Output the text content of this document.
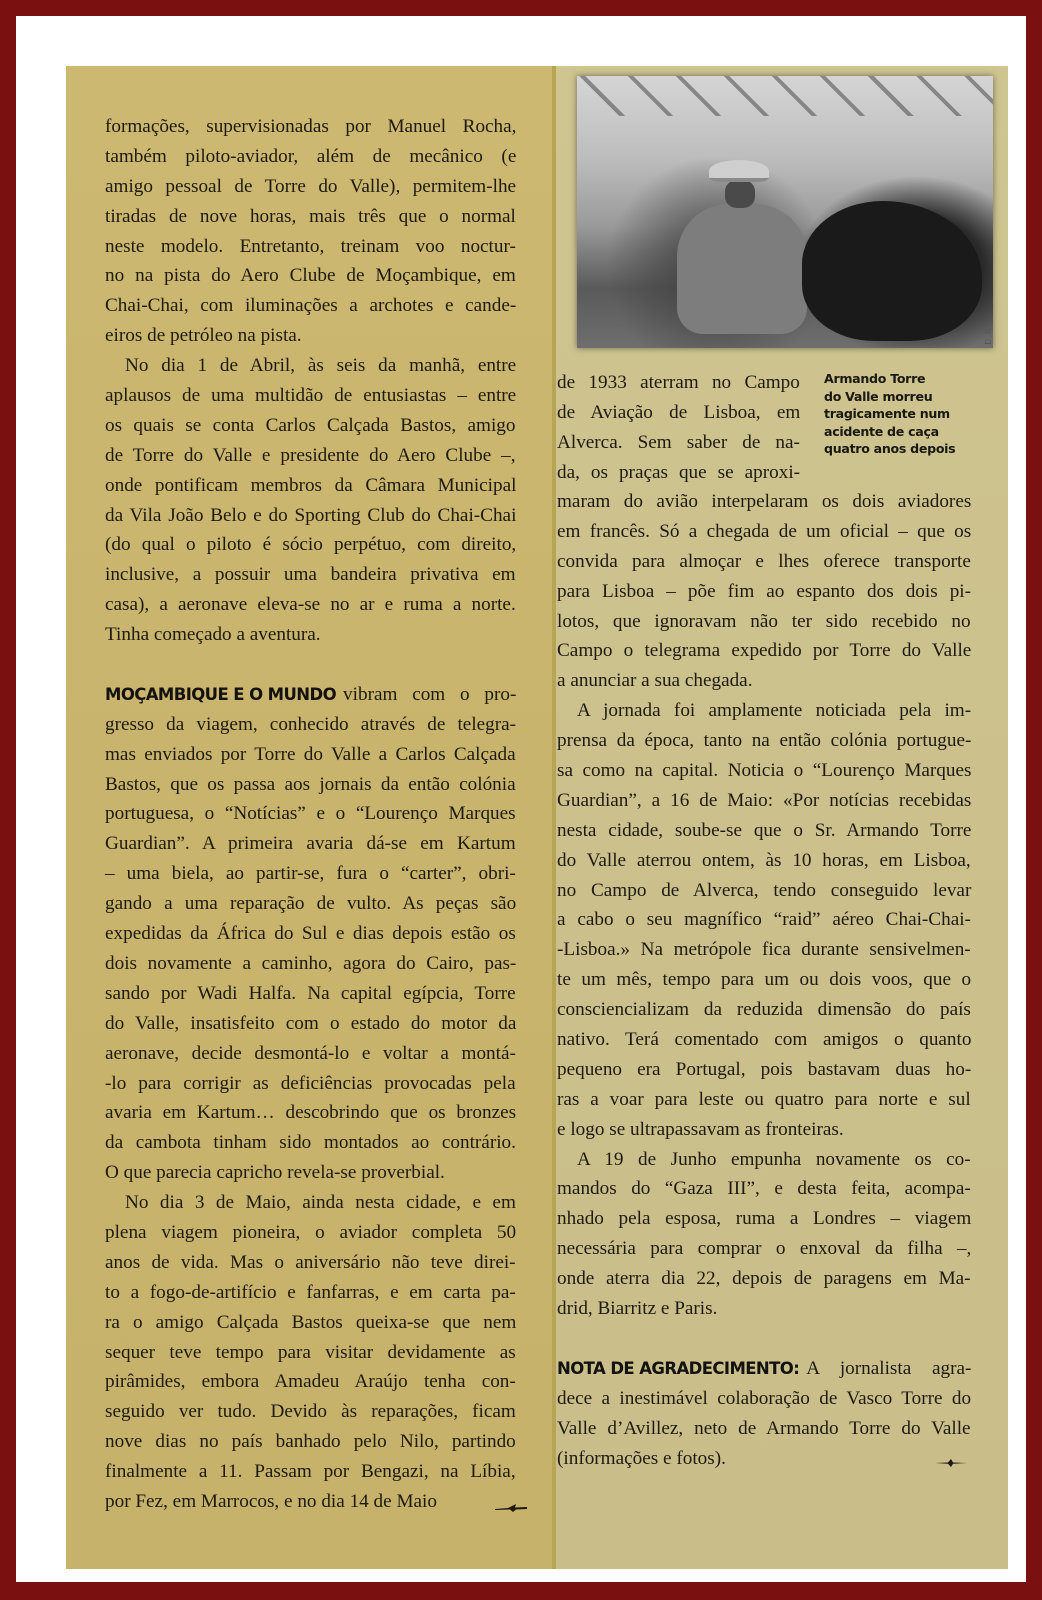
formações, supervisionadas por Manuel Rocha,
também piloto-aviador, além de mecânico (e
amigo pessoal de Torre do Valle), permitem-lhe
tiradas de nove horas, mais três que o normal
neste modelo. Entretanto, treinam voo noctur-
no na pista do Aero Clube de Moçambique, em
Chai-Chai, com iluminações a archotes e cande-
eiros de petróleo na pista.
No dia 1 de Abril, às seis da manhã, entre
aplausos de uma multidão de entusiastas – entre
os quais se conta Carlos Calçada Bastos, amigo
de Torre do Valle e presidente do Aero Clube –,
onde pontificam membros da Câmara Municipal
da Vila João Belo e do Sporting Club do Chai-Chai
(do qual o piloto é sócio perpétuo, com direito,
inclusive, a possuir uma bandeira privativa em
casa), a aeronave eleva-se no ar e ruma a norte.
Tinha começado a aventura.
MOÇAMBIQUE E O MUNDO vibram com o pro-
gresso da viagem, conhecido através de telegra-
mas enviados por Torre do Valle a Carlos Calçada
Bastos, que os passa aos jornais da então colónia
portuguesa, o “Notícias” e o “Lourenço Marques
Guardian”. A primeira avaria dá-se em Kartum
– uma biela, ao partir-se, fura o “carter”, obri-
gando a uma reparação de vulto. As peças são
expedidas da África do Sul e dias depois estão os
dois novamente a caminho, agora do Cairo, pas-
sando por Wadi Halfa. Na capital egípcia, Torre
do Valle, insatisfeito com o estado do motor da
aeronave, decide desmontá-lo e voltar a montá-
-lo para corrigir as deficiências provocadas pela
avaria em Kartum… descobrindo que os bronzes
da cambota tinham sido montados ao contrário.
O que parecia capricho revela-se proverbial.
No dia 3 de Maio, ainda nesta cidade, e em
plena viagem pioneira, o aviador completa 50
anos de vida. Mas o aniversário não teve direi-
to a fogo-de-artifício e fanfarras, e em carta pa-
ra o amigo Calçada Bastos queixa-se que nem
sequer teve tempo para visitar devidamente as
pirâmides, embora Amadeu Araújo tenha con-
seguido ver tudo. Devido às reparações, ficam
nove dias no país banhado pelo Nilo, partindo
finalmente a 11. Passam por Bengazi, na Líbia,
por Fez, em Marrocos, e no dia 14 de Maio
D.R.
de 1933 aterram no Campo
de Aviação de Lisboa, em
Alverca. Sem saber de na-
da, os praças que se aproxi-
Armando Torre
do Valle morreu
tragicamente num
acidente de caça
quatro anos depois
maram do avião interpelaram os dois aviadores
em francês. Só a chegada de um oficial – que os
convida para almoçar e lhes oferece transporte
para Lisboa – põe fim ao espanto dos dois pi-
lotos, que ignoravam não ter sido recebido no
Campo o telegrama expedido por Torre do Valle
a anunciar a sua chegada.
A jornada foi amplamente noticiada pela im-
prensa da época, tanto na então colónia portugue-
sa como na capital. Noticia o “Lourenço Marques
Guardian”, a 16 de Maio: «Por notícias recebidas
nesta cidade, soube-se que o Sr. Armando Torre
do Valle aterrou ontem, às 10 horas, em Lisboa,
no Campo de Alverca, tendo conseguido levar
a cabo o seu magnífico “raid” aéreo Chai-Chai-
-Lisboa.» Na metrópole fica durante sensivelmen-
te um mês, tempo para um ou dois voos, que o
consciencializam da reduzida dimensão do país
nativo. Terá comentado com amigos o quanto
pequeno era Portugal, pois bastavam duas ho-
ras a voar para leste ou quatro para norte e sul
e logo se ultrapassavam as fronteiras.
A 19 de Junho empunha novamente os co-
mandos do “Gaza III”, e desta feita, acompa-
nhado pela esposa, ruma a Londres – viagem
necessária para comprar o enxoval da filha –,
onde aterra dia 22, depois de paragens em Ma-
drid, Biarritz e Paris.
NOTA DE AGRADECIMENTO: A jornalista agra-
dece a inestimável colaboração de Vasco Torre do
Valle d’Avillez, neto de Armando Torre do Valle
(informações e fotos).
